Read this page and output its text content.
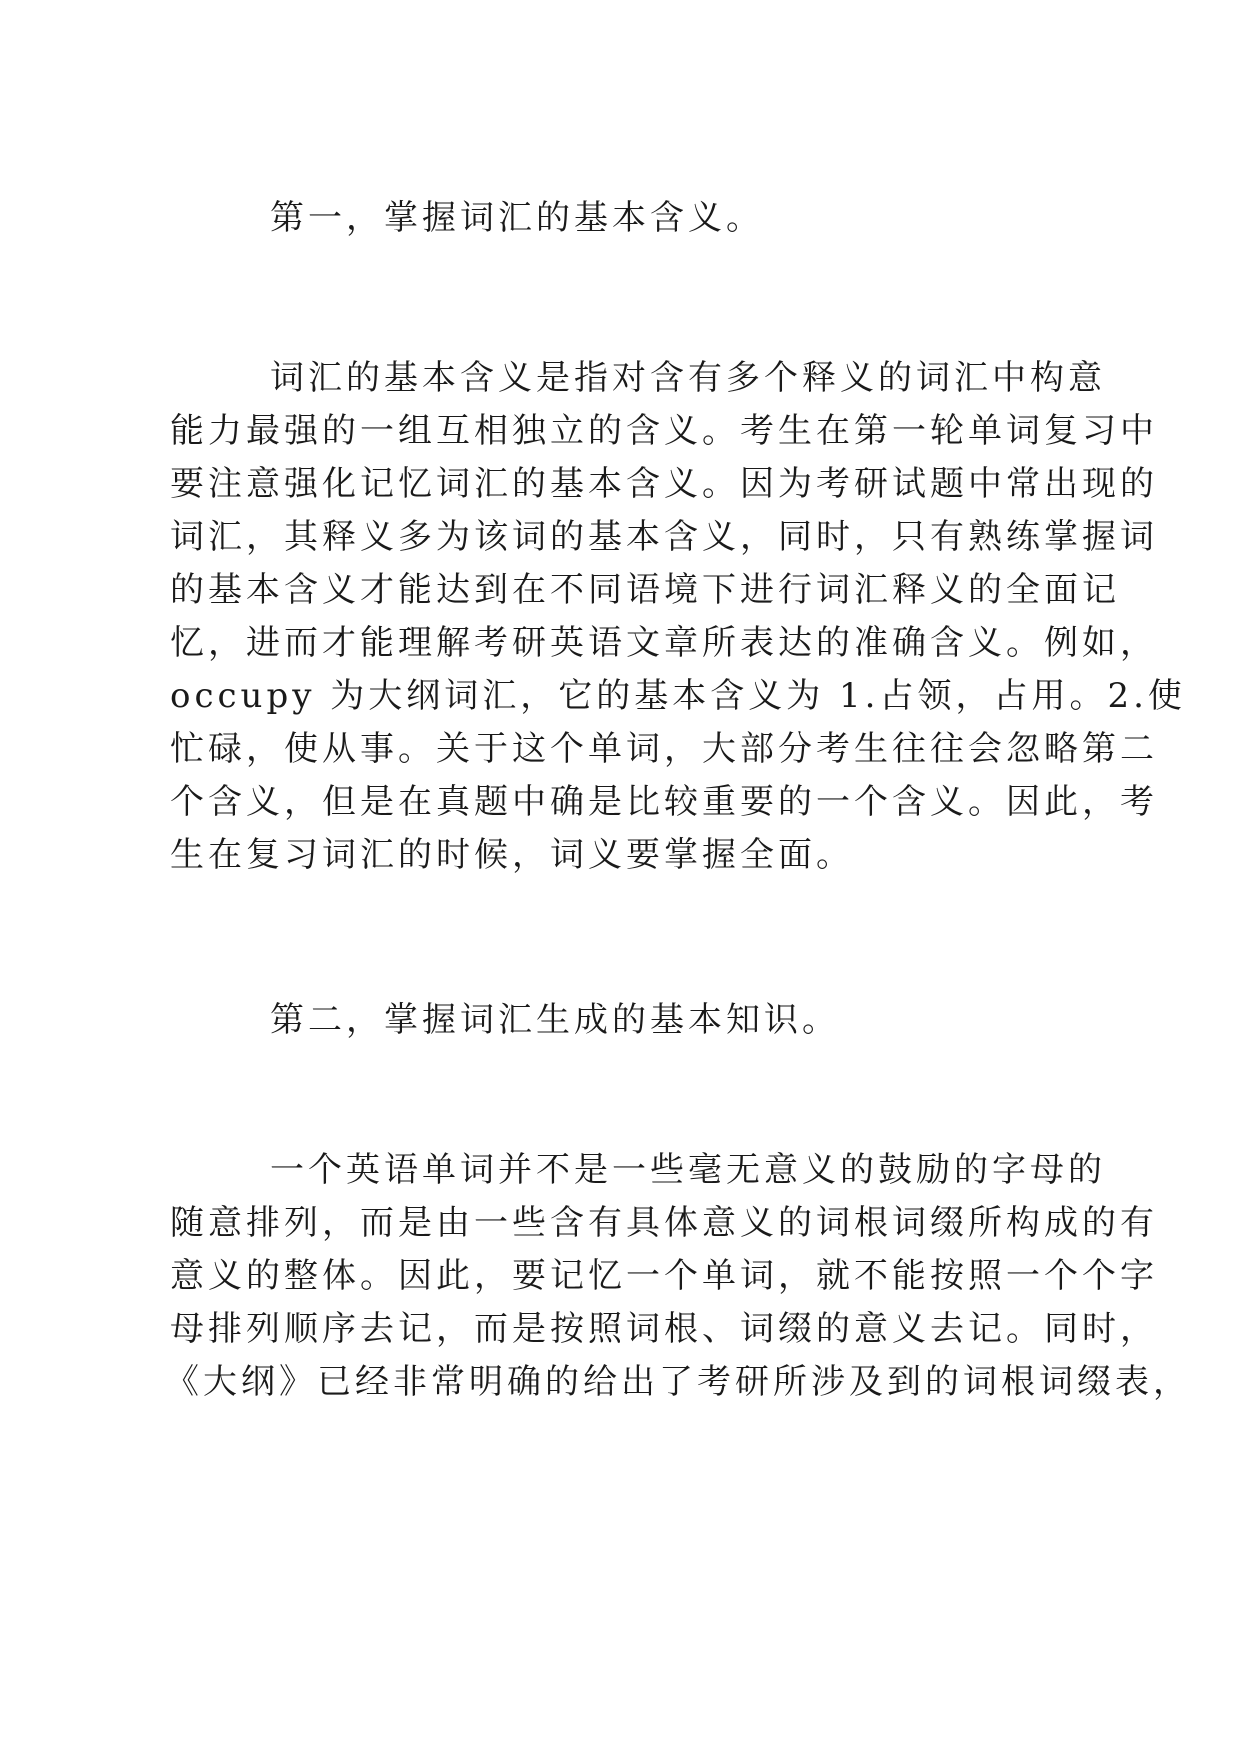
第一，掌握词汇的基本含义。
词汇的基本含义是指对含有多个释义的词汇中构意
能力最强的一组互相独立的含义。考生在第一轮单词复习中
要注意强化记忆词汇的基本含义。因为考研试题中常出现的
词汇，其释义多为该词的基本含义，同时，只有熟练掌握词
的基本含义才能达到在不同语境下进行词汇释义的全面记
忆，进而才能理解考研英语文章所表达的准确含义。例如，
occupy 为大纲词汇，它的基本含义为 1.占领，占用。2.使
忙碌，使从事。关于这个单词，大部分考生往往会忽略第二
个含义，但是在真题中确是比较重要的一个含义。因此，考
生在复习词汇的时候，词义要掌握全面。
第二，掌握词汇生成的基本知识。
一个英语单词并不是一些毫无意义的鼓励的字母的
随意排列，而是由一些含有具体意义的词根词缀所构成的有
意义的整体。因此，要记忆一个单词，就不能按照一个个字
母排列顺序去记，而是按照词根、词缀的意义去记。同时，
《大纲》已经非常明确的给出了考研所涉及到的词根词缀表，
